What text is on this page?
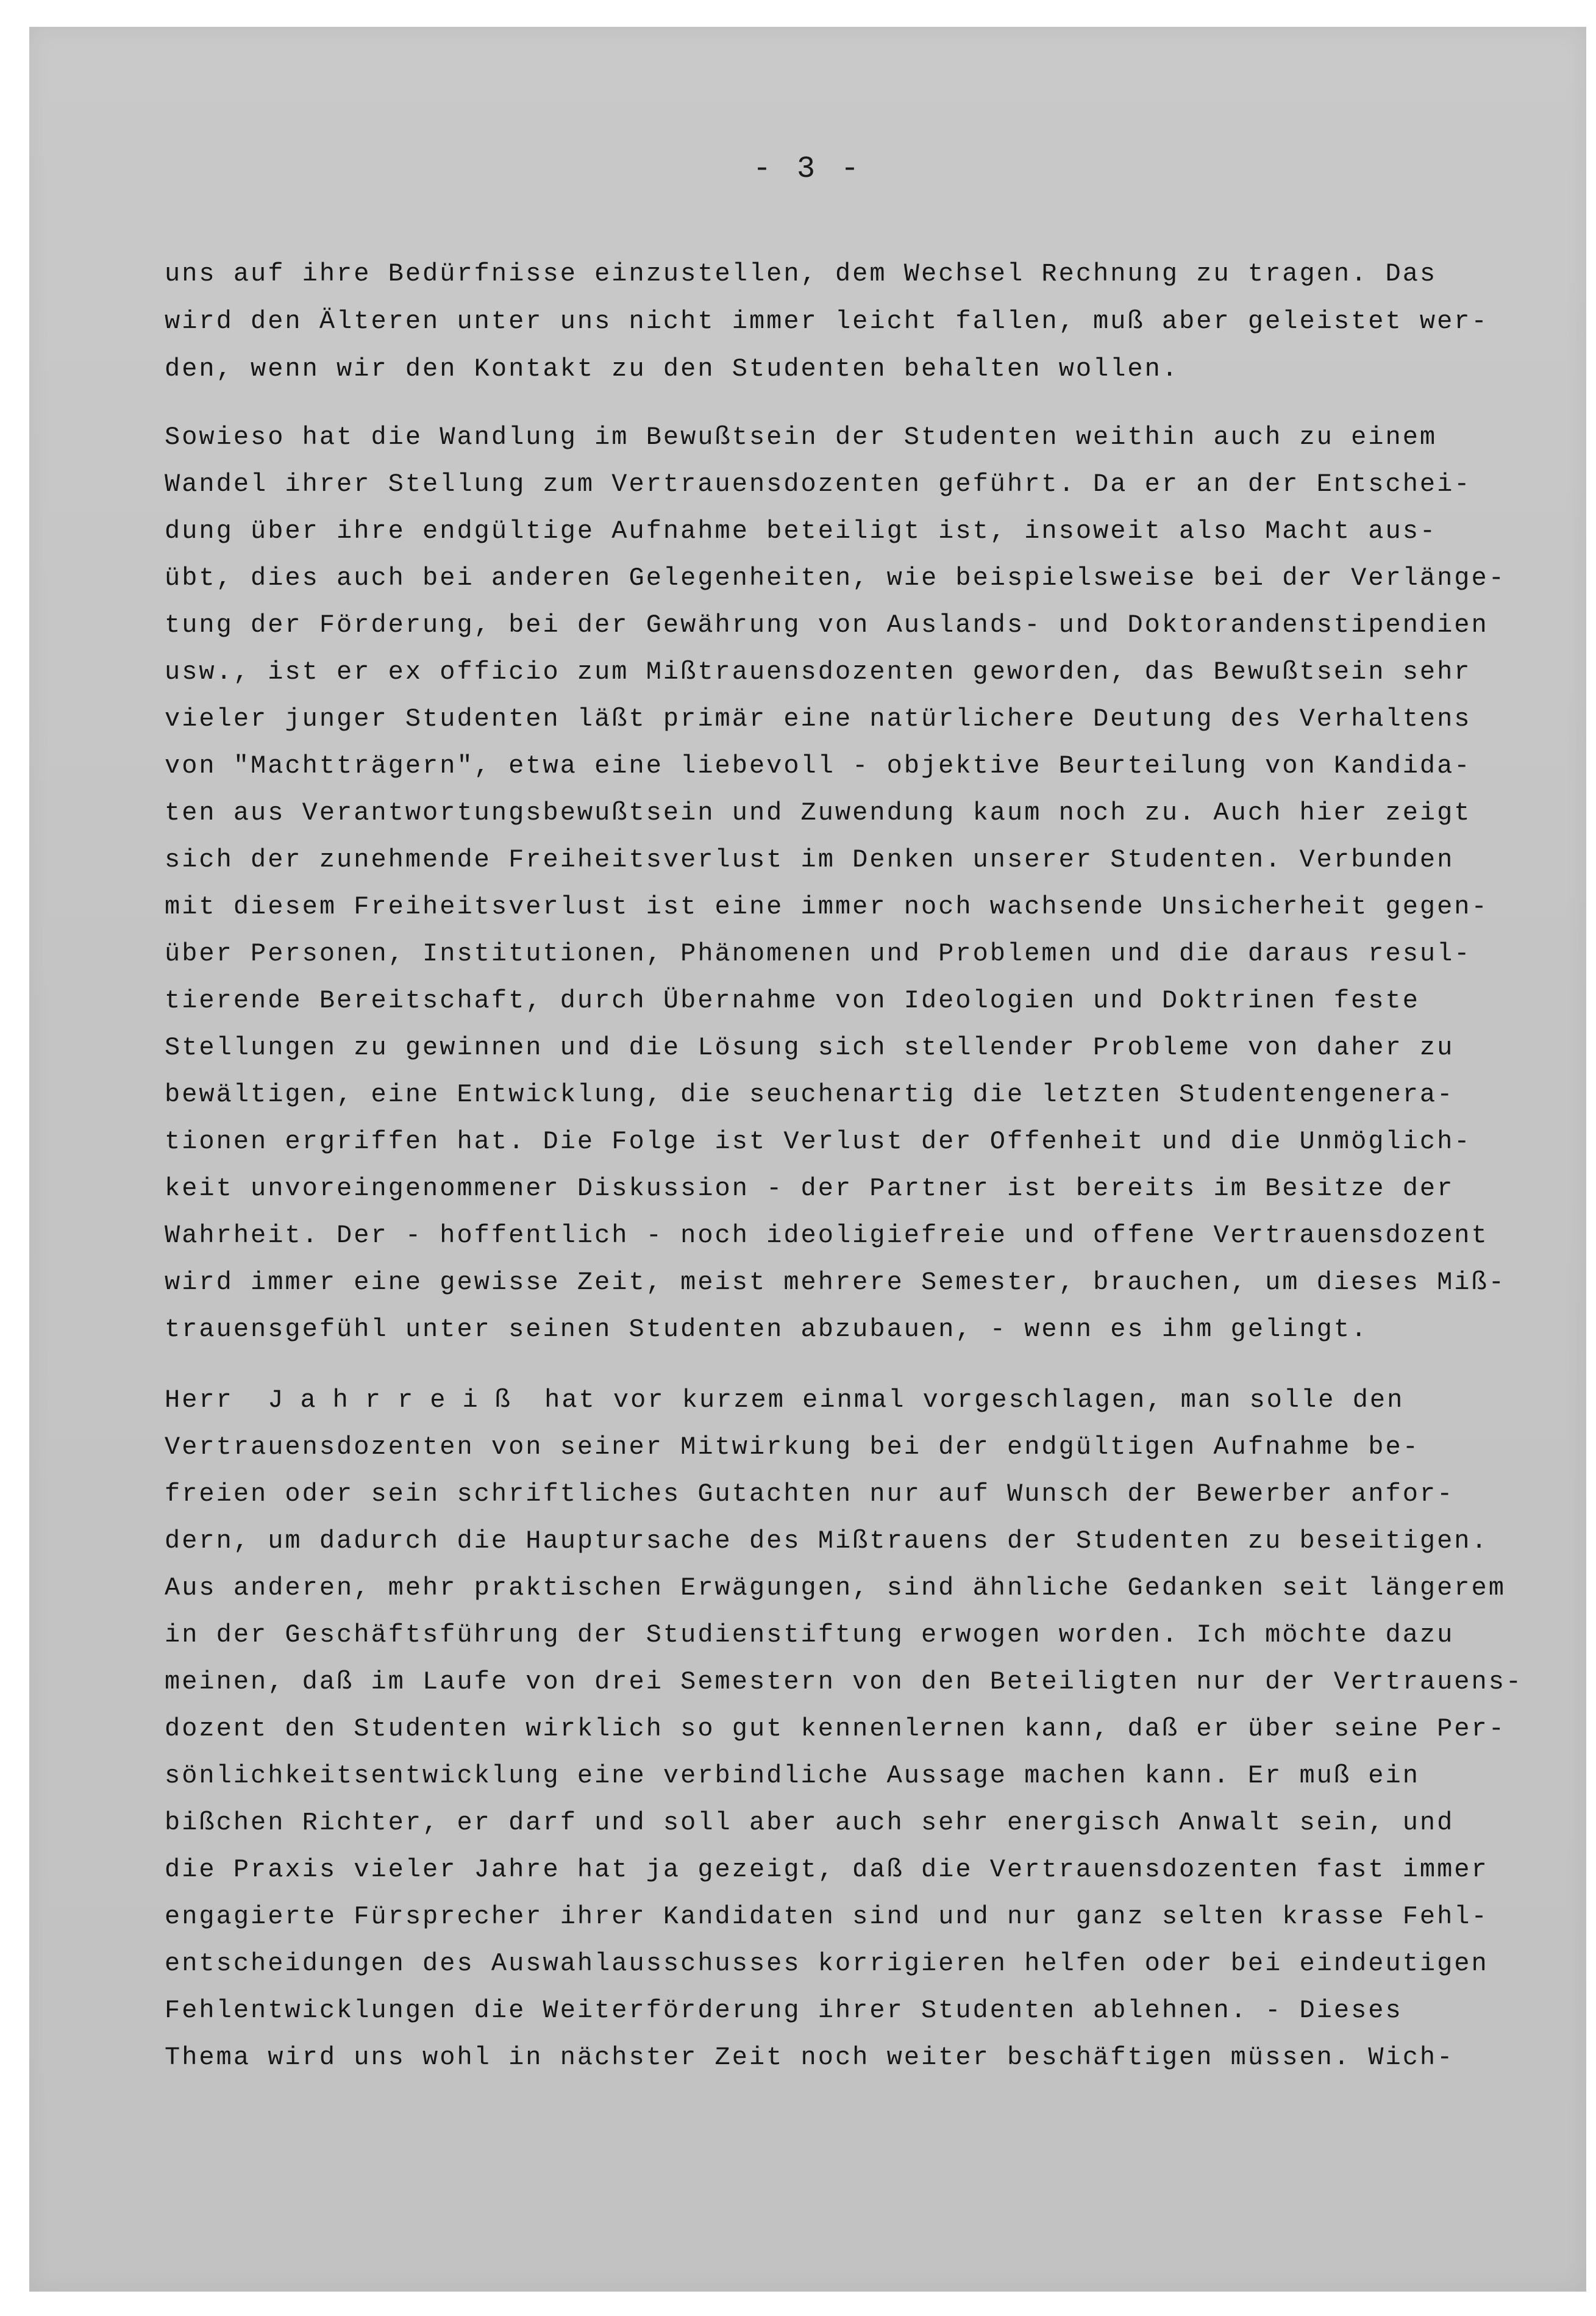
- 3 -

uns auf ihre Bedürfnisse einzustellen, dem Wechsel Rechnung zu tragen. Das

wird den Älteren unter uns nicht immer leicht fallen, muß aber geleistet wer-

den, wenn wir den Kontakt zu den Studenten behalten wollen.

Sowieso hat die Wandlung im Bewußtsein der Studenten weithin auch zu einem

Wandel ihrer Stellung zum Vertrauensdozenten geführt. Da er an der Entschei-

dung über ihre endgültige Aufnahme beteiligt ist, insoweit also Macht aus-

übt, dies auch bei anderen Gelegenheiten, wie beispielsweise bei der Verlänge-

tung der Förderung, bei der Gewährung von Auslands- und Doktorandenstipendien

usw., ist er ex officio zum Mißtrauensdozenten geworden, das Bewußtsein sehr

vieler junger Studenten läßt primär eine natürlichere Deutung des Verhaltens

von "Machtträgern", etwa eine liebevoll - objektive Beurteilung von Kandida-

ten aus Verantwortungsbewußtsein und Zuwendung kaum noch zu. Auch hier zeigt

sich der zunehmende Freiheitsverlust im Denken unserer Studenten. Verbunden

mit diesem Freiheitsverlust ist eine immer noch wachsende Unsicherheit gegen-

über Personen, Institutionen, Phänomenen und Problemen und die daraus resul-

tierende Bereitschaft, durch Übernahme von Ideologien und Doktrinen feste

Stellungen zu gewinnen und die Lösung sich stellender Probleme von daher zu

bewältigen, eine Entwicklung, die seuchenartig die letzten Studentengenera-

tionen ergriffen hat. Die Folge ist Verlust der Offenheit und die Unmöglich-

keit unvoreingenommener Diskussion - der Partner ist bereits im Besitze der

Wahrheit. Der - hoffentlich - noch ideoligiefreie und offene Vertrauensdozent

wird immer eine gewisse Zeit, meist mehrere Semester, brauchen, um dieses Miß-

trauensgefühl unter seinen Studenten abzubauen, - wenn es ihm gelingt.

Herr Jahrreiß hat vor kurzem einmal vorgeschlagen, man solle den

Vertrauensdozenten von seiner Mitwirkung bei der endgültigen Aufnahme be-

freien oder sein schriftliches Gutachten nur auf Wunsch der Bewerber anfor-

dern, um dadurch die Hauptursache des Mißtrauens der Studenten zu beseitigen.

Aus anderen, mehr praktischen Erwägungen, sind ähnliche Gedanken seit längerem

in der Geschäftsführung der Studienstiftung erwogen worden. Ich möchte dazu

meinen, daß im Laufe von drei Semestern von den Beteiligten nur der Vertrauens-

dozent den Studenten wirklich so gut kennenlernen kann, daß er über seine Per-

sönlichkeitsentwicklung eine verbindliche Aussage machen kann. Er muß ein

bißchen Richter, er darf und soll aber auch sehr energisch Anwalt sein, und

die Praxis vieler Jahre hat ja gezeigt, daß die Vertrauensdozenten fast immer

engagierte Fürsprecher ihrer Kandidaten sind und nur ganz selten krasse Fehl-

entscheidungen des Auswahlausschusses korrigieren helfen oder bei eindeutigen

Fehlentwicklungen die Weiterförderung ihrer Studenten ablehnen. - Dieses

Thema wird uns wohl in nächster Zeit noch weiter beschäftigen müssen. Wich-
